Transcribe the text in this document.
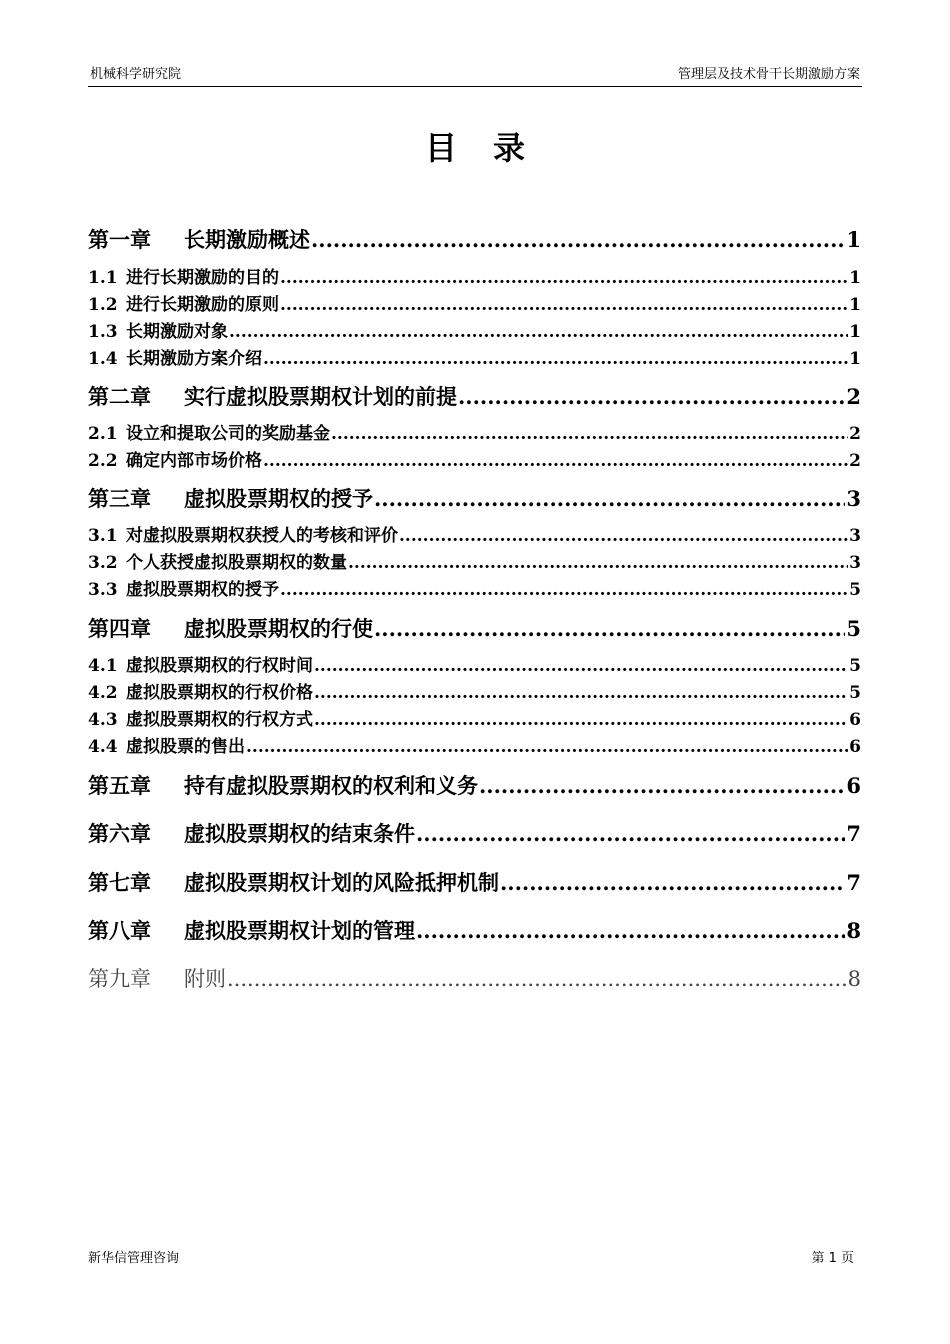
机械科学研究院	管理层及技术骨干长期激励方案
目录
第一章 长期激励概述 .....	1
1.1 进行长期激励的目的 .....	1
1.2 进行长期激励的原则 .....	1
1.3 长期激励对象 .....	1
1.4 长期激励方案介绍 .....	1
第二章 实行虚拟股票期权计划的前提 .....	2
2.1 设立和提取公司的奖励基金 .....	2
2.2 确定内部市场价格 .....	2
第三章 虚拟股票期权的授予 .....	3
3.1 对虚拟股票期权获授人的考核和评价 .....	3
3.2 个人获授虚拟股票期权的数量 .....	3
3.3 虚拟股票期权的授予 .....	5
第四章 虚拟股票期权的行使 .....	5
4.1 虚拟股票期权的行权时间 .....	5
4.2 虚拟股票期权的行权价格 .....	5
4.3 虚拟股票期权的行权方式 .....	6
4.4 虚拟股票的售出 .....	6
第五章 持有虚拟股票期权的权利和义务 .....	6
第六章 虚拟股票期权的结束条件 .....	7
第七章 虚拟股票期权计划的风险抵押机制 .....	7
第八章 虚拟股票期权计划的管理 .....	8
第九章 附则 .....	8
新华信管理咨询	第 1 页
